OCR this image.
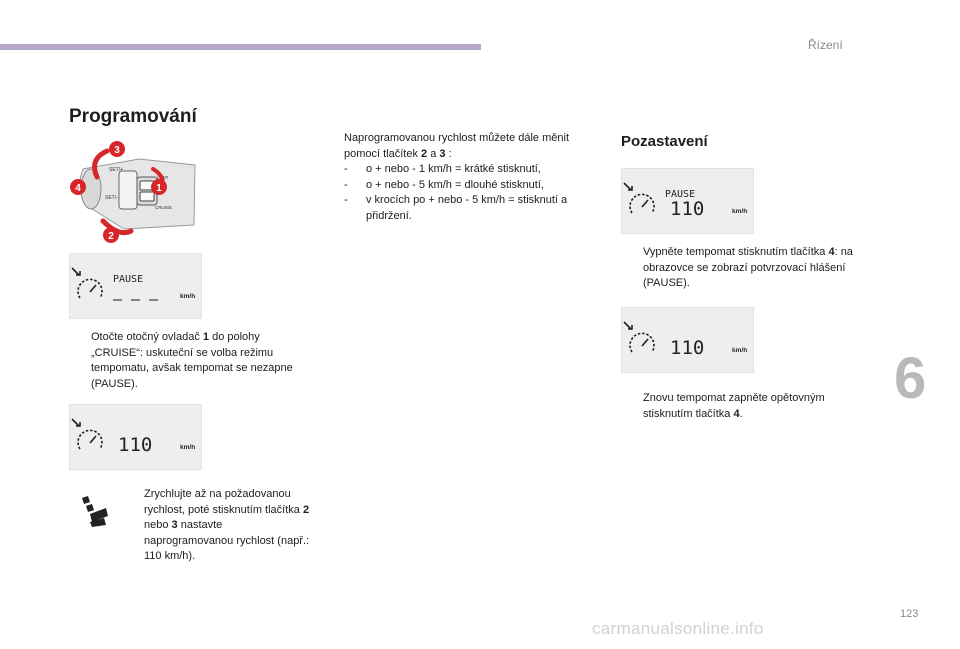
Řízení
6
123
Programování
SET/+
SET/-
LIMIT
CRUISE
3
4	1
2
PAUSE
– – –	km/h

Otočte otočný ovladač 1 do polohy „CRUISE“: uskuteční se volba režimu tempomatu, avšak tempomat se nezapne (PAUSE).

110	km/h

Zrychlujte až na požadovanou rychlost, poté stisknutím tlačítka 2 nebo 3 nastavte naprogramovanou rychlost (např.: 110 km/h).

Naprogramovanou rychlost můžete dále měnit pomocí tlačítek 2 a 3 :

-	o + nebo - 1 km/h = krátké stisknutí,
-	o + nebo - 5 km/h = dlouhé stisknutí,
-	v krocích po + nebo - 5 km/h = stisknutí a přidržení.
Pozastavení
PAUSE
110	km/h

Vypněte tempomat stisknutím tlačítka 4: na obrazovce se zobrazí potvrzovací hlášení (PAUSE).

110	km/h

Znovu tempomat zapněte opětovným stisknutím tlačítka 4.

carmanualsonline.info
